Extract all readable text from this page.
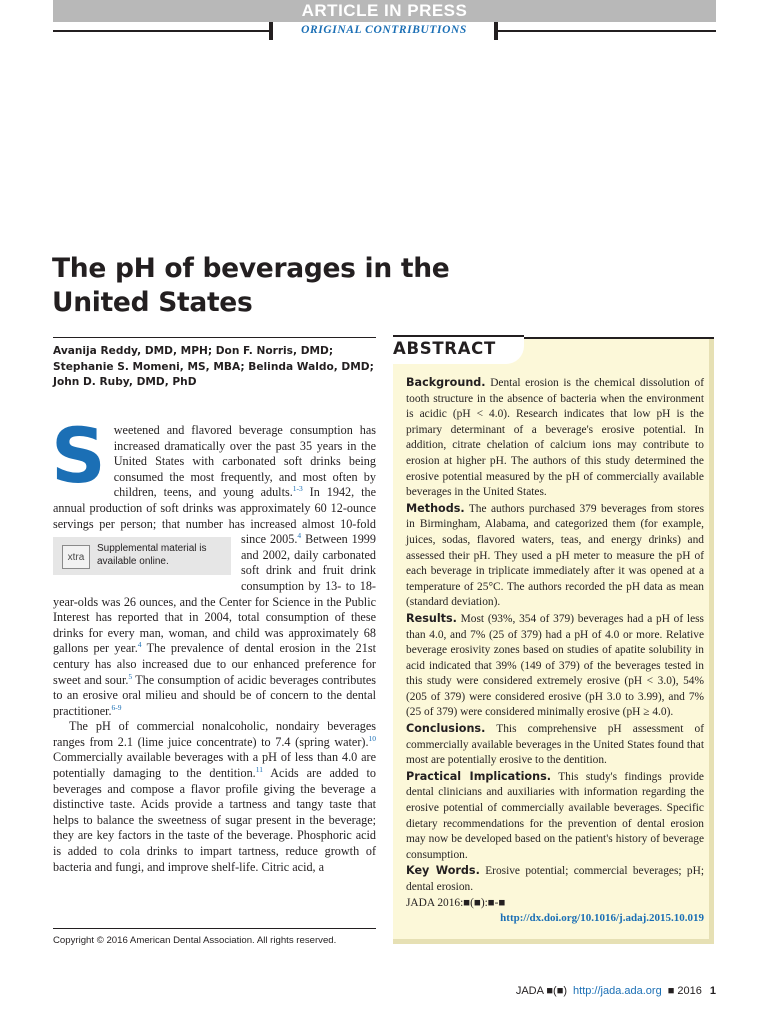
ARTICLE IN PRESS
ORIGINAL CONTRIBUTIONS
The pH of beverages in the United States
Avanija Reddy, DMD, MPH; Don F. Norris, DMD; Stephanie S. Momeni, MS, MBA; Belinda Waldo, DMD; John D. Ruby, DMD, PhD

Sweetened and flavored beverage consumption has increased dramatically over the past 35 years in the United States with carbonated soft drinks being consumed the most frequently, and most often by children, teens, and young adults.$^{1-3}$ In 1942, the annual production of soft drinks was approximately 60 12-ounce servings per person; that number has increased almost 10-fold since 2005.$^4$
xtra
Supplemental material is available online.
Between 1999 and 2002, daily carbonated soft drink and fruit drink consumption by 13- to 18-year-olds was 26 ounces, and the Center for Science in the Public Interest has reported that in 2004, total consumption of these drinks for every man, woman, and child was approximately 68 gallons per year.$^4$ The prevalence of dental erosion in the 21st century has also increased due to our enhanced preference for sweet and sour.$^5$ The consumption of acidic beverages contributes to an erosive oral milieu and should be of concern to the dental practitioner.$^{6-9}$

The pH of commercial nonalcoholic, nondairy beverages ranges from 2.1 (lime juice concentrate) to 7.4 (spring water).$^{10}$ Commercially available beverages with a pH of less than 4.0 are potentially damaging to the dentition.$^{11}$ Acids are added to beverages and compose a flavor profile giving the beverage a distinctive taste. Acids provide a tartness and tangy taste that helps to balance the sweetness of sugar present in the beverage; they are key factors in the taste of the beverage. Phosphoric acid is added to cola drinks to impart tartness, reduce growth of bacteria and fungi, and improve shelf-life. Citric acid, a

ABSTRACT

Background. Dental erosion is the chemical dissolution of tooth structure in the absence of bacteria when the environment is acidic (pH < 4.0). Research indicates that low pH is the primary determinant of a beverage's erosive potential. In addition, citrate chelation of calcium ions may contribute to erosion at higher pH. The authors of this study determined the erosive potential measured by the pH of commercially available beverages in the United States.

Methods. The authors purchased 379 beverages from stores in Birmingham, Alabama, and categorized them (for example, juices, sodas, flavored waters, teas, and energy drinks) and assessed their pH. They used a pH meter to measure the pH of each beverage in triplicate immediately after it was opened at a temperature of 25°C. The authors recorded the pH data as mean (standard deviation).

Results. Most (93%, 354 of 379) beverages had a pH of less than 4.0, and 7% (25 of 379) had a pH of 4.0 or more. Relative beverage erosivity zones based on studies of apatite solubility in acid indicated that 39% (149 of 379) of the beverages tested in this study were considered extremely erosive (pH < 3.0), 54% (205 of 379) were considered erosive (pH 3.0 to 3.99), and 7% (25 of 379) were considered minimally erosive (pH ≥ 4.0).

Conclusions. This comprehensive pH assessment of commercially available beverages in the United States found that most are potentially erosive to the dentition.

Practical Implications. This study's findings provide dental clinicians and auxiliaries with information regarding the erosive potential of commercially available beverages. Specific dietary recommendations for the prevention of dental erosion may now be developed based on the patient's history of beverage consumption.

Key Words. Erosive potential; commercial beverages; pH; dental erosion.

JADA 2016:■(■):■-■

http://dx.doi.org/10.1016/j.adaj.2015.10.019
Copyright © 2016 American Dental Association. All rights reserved.
JADA ■(■) http://jada.ada.org ■ 2016 1
